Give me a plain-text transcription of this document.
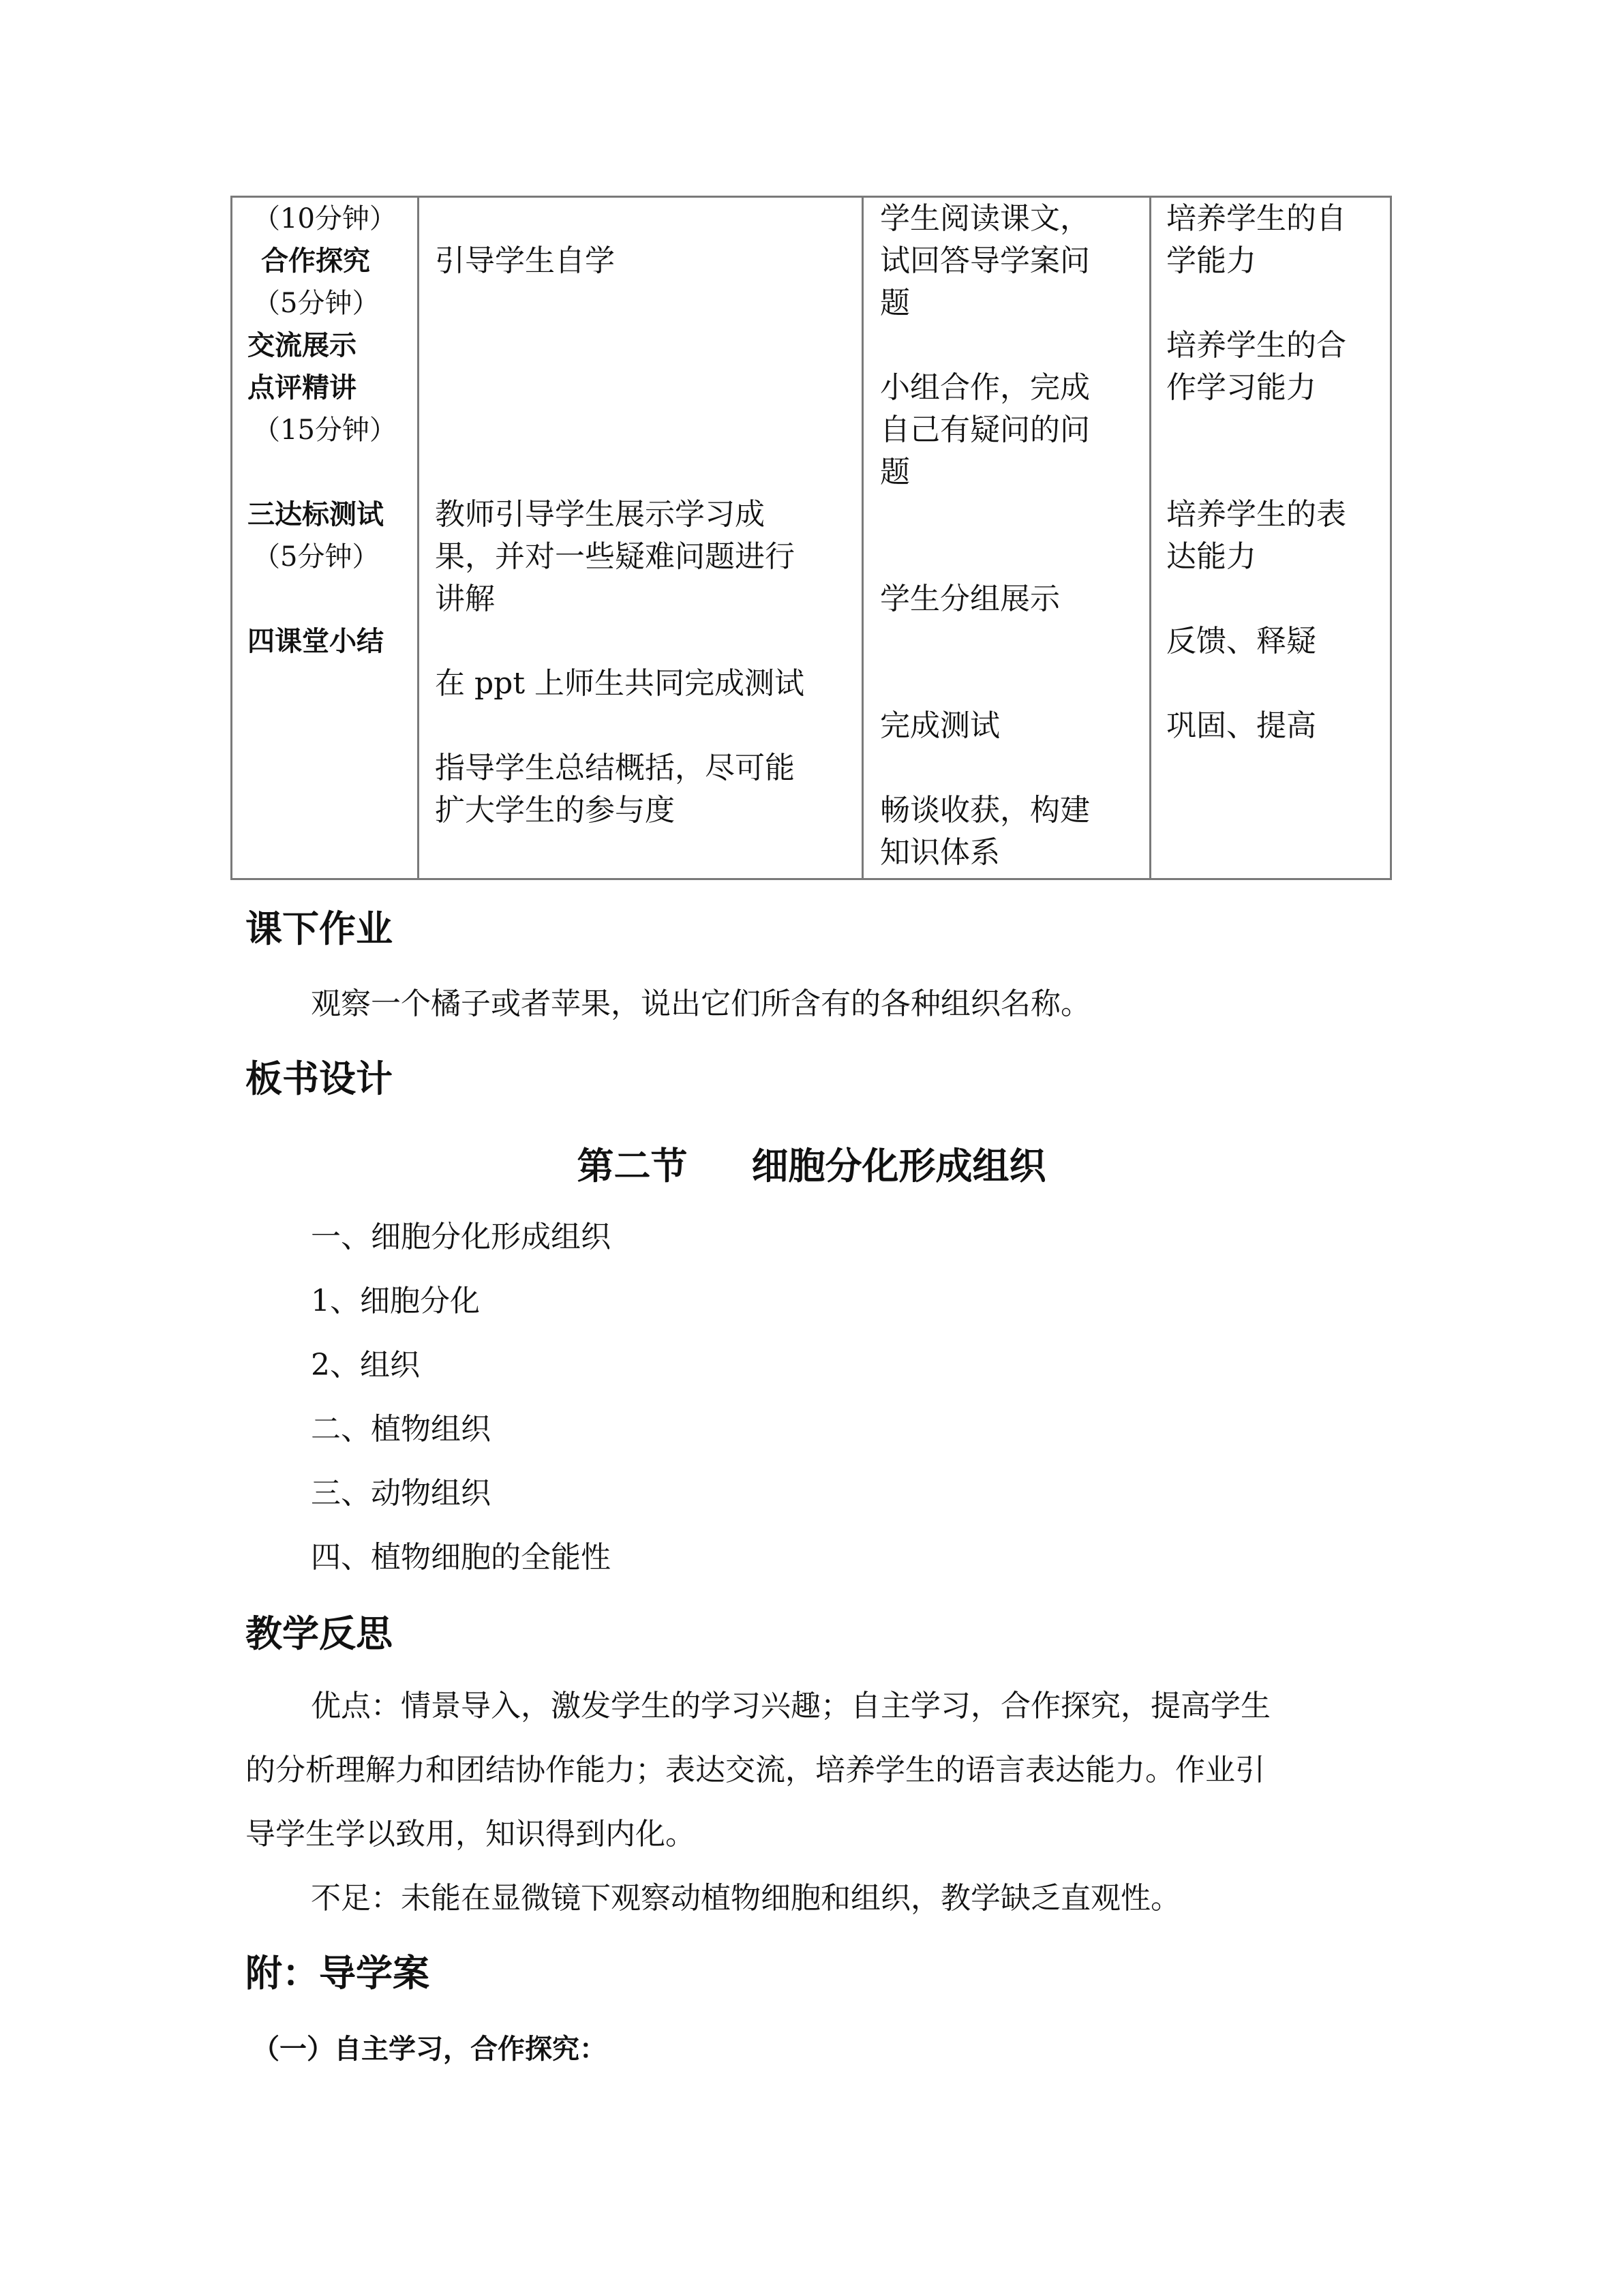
（10分钟）
合作探究
（5分钟）
交流展示
点评精讲
（15分钟）
三达标测试
（5分钟）
四课堂小结
引导学生自学
教师引导学生展示学习成
果，并对一些疑难问题进行
讲解
在 ppt 上师生共同完成测试
指导学生总结概括，尽可能
扩大学生的参与度
学生阅读课文，
试回答导学案问
题
小组合作，完成
自己有疑问的问
题
学生分组展示
完成测试
畅谈收获，构建
知识体系
培养学生的自
学能力
培养学生的合
作学习能力
培养学生的表
达能力
反馈、释疑
巩固、提高
课下作业
观察一个橘子或者苹果，说出它们所含有的各种组织名称。
板书设计
第二节     细胞分化形成组织
一、细胞分化形成组织
1、细胞分化
2、组织
二、植物组织
三、动物组织
四、植物细胞的全能性
教学反思
优点：情景导入，激发学生的学习兴趣；自主学习，合作探究，提高学生
的分析理解力和团结协作能力；表达交流，培养学生的语言表达能力。作业引
导学生学以致用，知识得到内化。
不足：未能在显微镜下观察动植物细胞和组织，教学缺乏直观性。
附：导学案
（一）自主学习，合作探究：
